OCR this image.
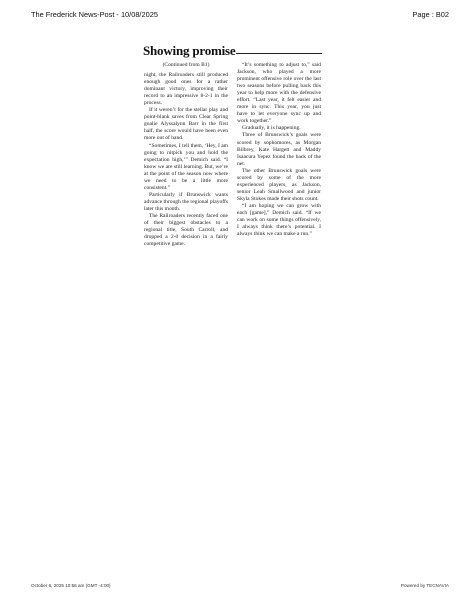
The Frederick News-Post - 10/08/2025	Page : B02
Showing promise

(Continued from B1)

night, the Railroaders still produced enough good ones for a rather dominant victory, improving their record to an impressive 8-2-1 in the process.

If it weren’t for the stellar play and point-blank saves from Clear Spring goalie Alyssalynn Barr in the first half, the score would have been even more out of hand.

“Sometimes, I tell them, ‘Hey, I am going to nitpick you and hold the expectation high,’” Demich said. “I know we are still learning. But, we’re at the point of the season now where we need to be a little more consistent.”

Particularly if Brunswick wants advance through the regional playoffs later this month.

The Railroaders recently faced one of their biggest obstacles to a regional title, South Carroll, and dropped a 2-0 decision in a fairly competitive game.

“It’s something to adjust to,” said Jackson, who played a more prominent offensive role over the last two seasons before pulling back this year to help more with the defensive effort. “Last year, it felt easier and more in sync. This year, you just have to let everyone sync up and work together.”

Gradually, it is happening.

Three of Brunswick’s goals were scored by sophomores, as Morgan Bilbrey, Kate Hargett and Maddy Isaacura Yepez found the back of the net.

The other Brunswick goals were scored by some of the more experienced players, as Jackson, senior Leah Smallwood and junior Skyla Stokes made their shots count.

“I am hoping we can grow with each [game],” Demich said. “If we can work on some things offensively, I always think there’s potential. I always think we can make a run.”

October 6, 2025 10:56 am (GMT -4:00)	Powered by TECNAVIA
